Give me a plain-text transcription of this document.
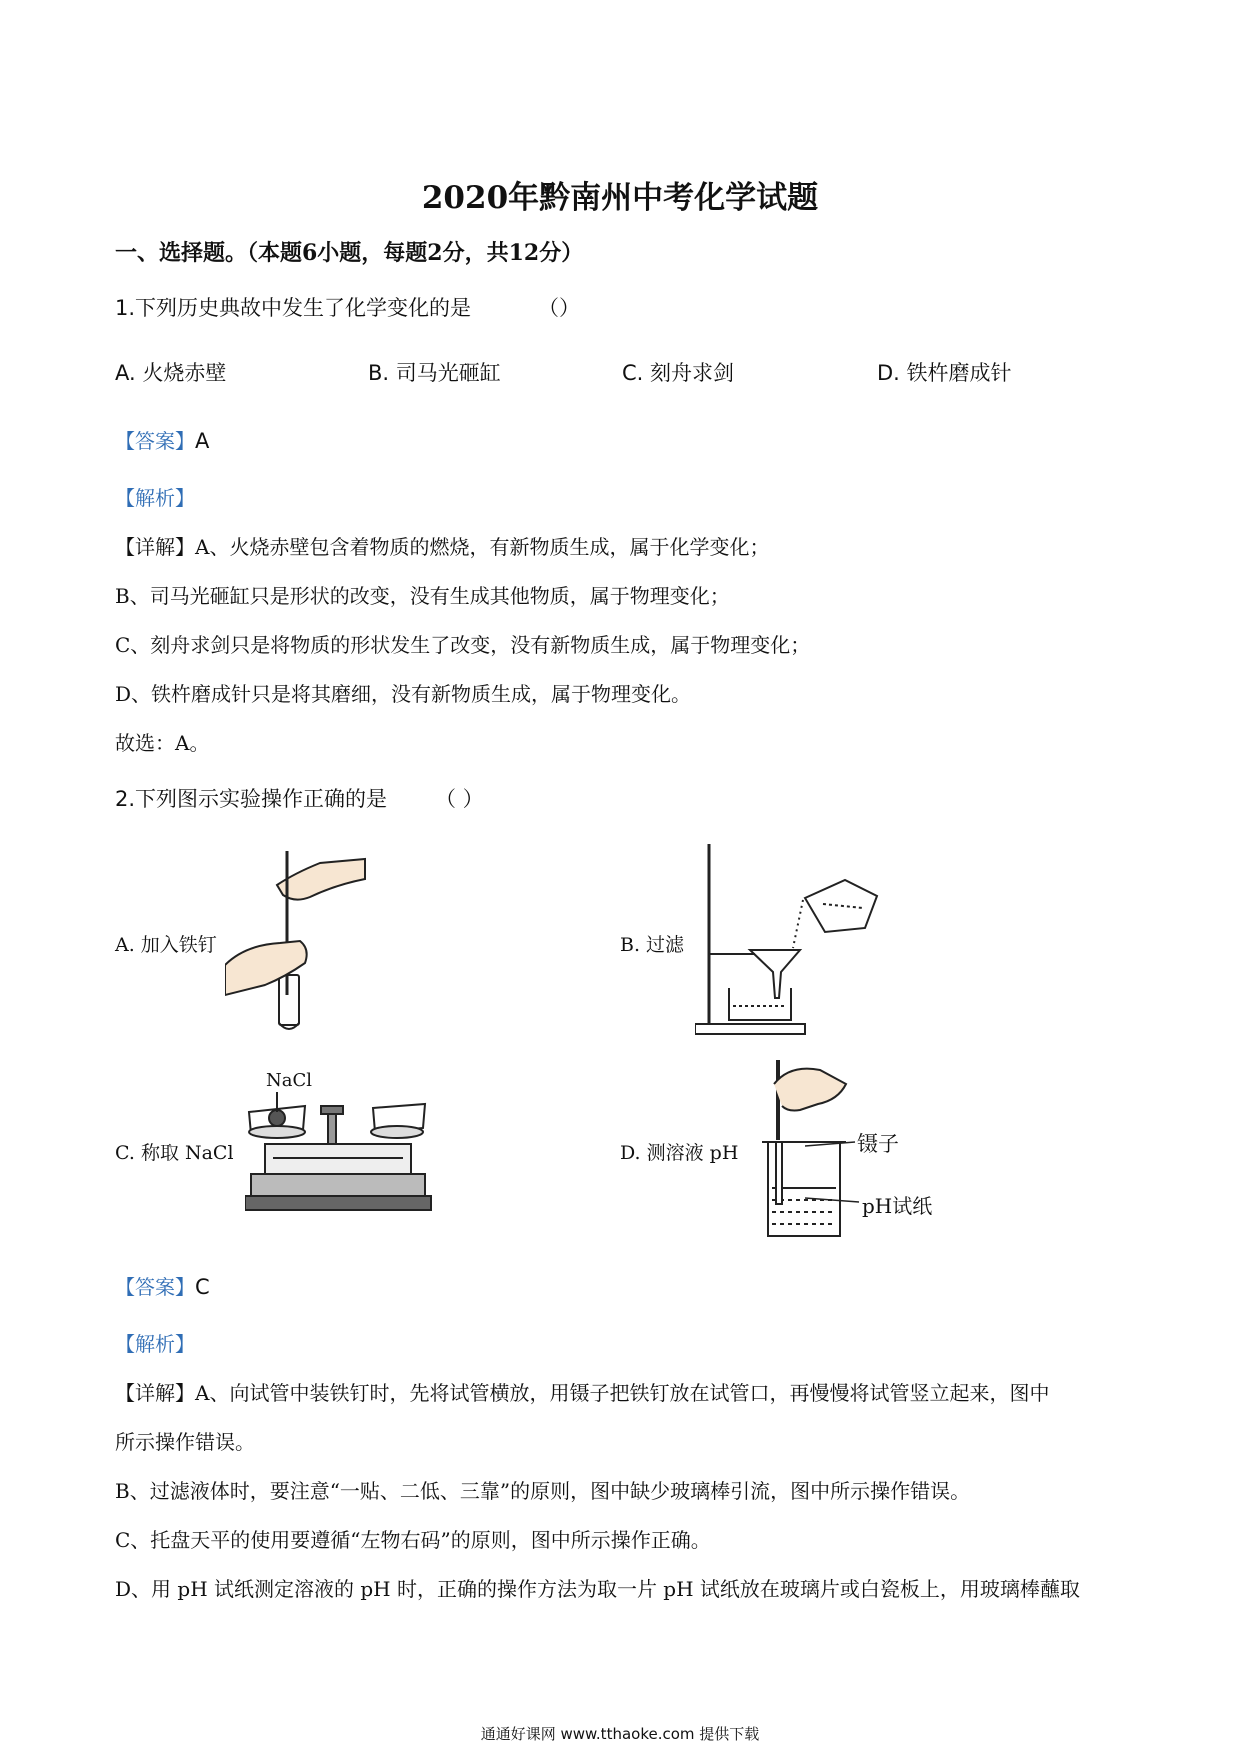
2020年黔南州中考化学试题
一、选择题。（本题6小题，每题2分，共12分）
1.下列历史典故中发生了化学变化的是	（）
A. 火烧赤壁	B. 司马光砸缸	C. 刻舟求剑	D. 铁杵磨成针
【答案】A
【解析】
【详解】A、火烧赤壁包含着物质的燃烧，有新物质生成，属于化学变化；
B、司马光砸缸只是形状的改变，没有生成其他物质，属于物理变化；
C、刻舟求剑只是将物质的形状发生了改变，没有新物质生成，属于物理变化；
D、铁杵磨成针只是将其磨细，没有新物质生成，属于物理变化。
故选：A。
2.下列图示实验操作正确的是 （ ）
A. 加入铁钉	B. 过滤
C. 称取 NaCl
NaCl
D. 测溶液 pH	镊子
pH试纸
【答案】C
【解析】
【详解】A、向试管中装铁钉时，先将试管横放，用镊子把铁钉放在试管口，再慢慢将试管竖立起来，图中
所示操作错误。
B、过滤液体时，要注意“一贴、二低、三靠”的原则，图中缺少玻璃棒引流，图中所示操作错误。
C、托盘天平的使用要遵循“左物右码”的原则，图中所示操作正确。
D、用 pH 试纸测定溶液的 pH 时，正确的操作方法为取一片 pH 试纸放在玻璃片或白瓷板上，用玻璃棒蘸取
通通好课网 www.tthaoke.com 提供下载
